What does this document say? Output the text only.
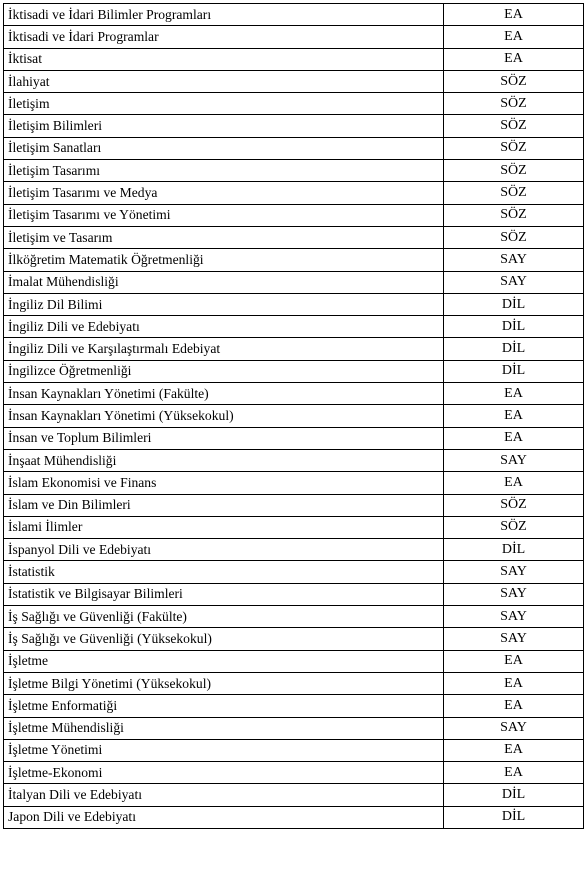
İktisadi ve İdari Bilimler Programları	EA
İktisadi ve İdari Programlar	EA
İktisat	EA
İlahiyat	SÖZ
İletişim	SÖZ
İletişim Bilimleri	SÖZ
İletişim Sanatları	SÖZ
İletişim Tasarımı	SÖZ
İletişim Tasarımı ve Medya	SÖZ
İletişim Tasarımı ve Yönetimi	SÖZ
İletişim ve Tasarım	SÖZ
İlköğretim Matematik Öğretmenliği	SAY
İmalat Mühendisliği	SAY
İngiliz Dil Bilimi	DİL
İngiliz Dili ve Edebiyatı	DİL
İngiliz Dili ve Karşılaştırmalı Edebiyat	DİL
İngilizce Öğretmenliği	DİL
İnsan Kaynakları Yönetimi (Fakülte)	EA
İnsan Kaynakları Yönetimi (Yüksekokul)	EA
İnsan ve Toplum Bilimleri	EA
İnşaat Mühendisliği	SAY
İslam Ekonomisi ve Finans	EA
İslam ve Din Bilimleri	SÖZ
İslami İlimler	SÖZ
İspanyol Dili ve Edebiyatı	DİL
İstatistik	SAY
İstatistik ve Bilgisayar Bilimleri	SAY
İş Sağlığı ve Güvenliği (Fakülte)	SAY
İş Sağlığı ve Güvenliği (Yüksekokul)	SAY
İşletme	EA
İşletme Bilgi Yönetimi (Yüksekokul)	EA
İşletme Enformatiği	EA
İşletme Mühendisliği	SAY
İşletme Yönetimi	EA
İşletme-Ekonomi	EA
İtalyan Dili ve Edebiyatı	DİL
Japon Dili ve Edebiyatı	DİL
